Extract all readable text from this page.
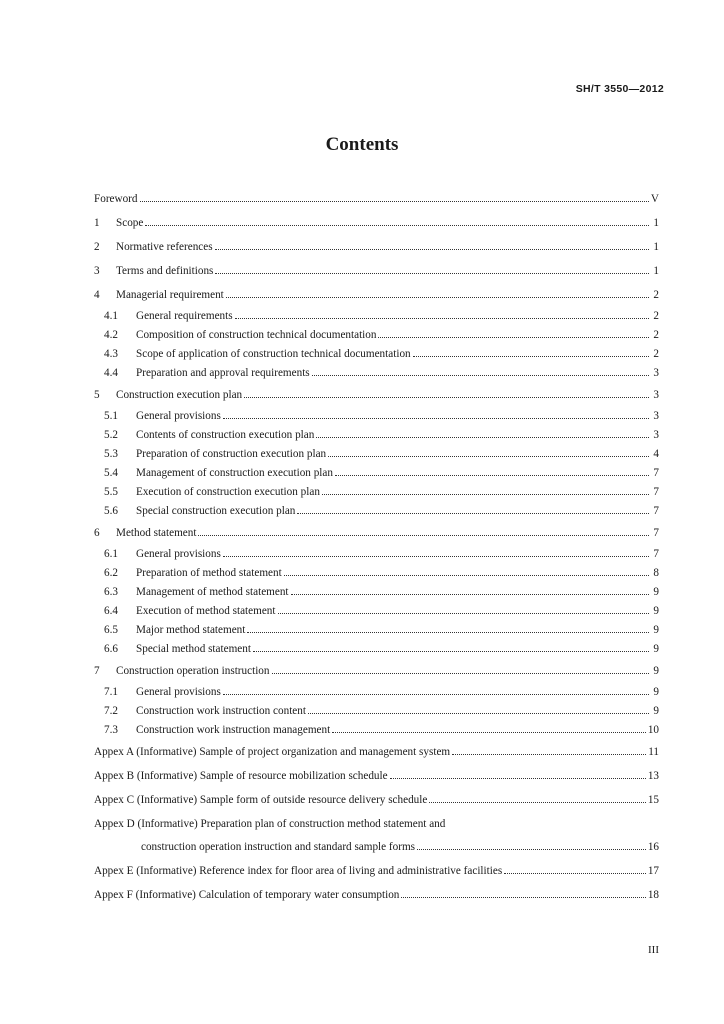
SH/T 3550—2012
Contents
Foreword	V
1	Scope	1
2	Normative references	1
3	Terms and definitions	1
4	Managerial requirement	2
4.1	General requirements	2
4.2	Composition of construction technical documentation	2
4.3	Scope of application of construction technical documentation	2
4.4	Preparation and approval requirements	3
5	Construction execution plan	3
5.1	General provisions	3
5.2	Contents of construction execution plan	3
5.3	Preparation of construction execution plan	4
5.4	Management of construction execution plan	7
5.5	Execution of construction execution plan	7
5.6	Special construction execution plan	7
6	Method statement	7
6.1	General provisions	7
6.2	Preparation of method statement	8
6.3	Management of method statement	9
6.4	Execution of method statement	9
6.5	Major method statement	9
6.6	Special method statement	9
7	Construction operation instruction	9
7.1	General provisions	9
7.2	Construction work instruction content	9
7.3	Construction work instruction management	10
Appex A (Informative) Sample of project organization and management system	11
Appex B (Informative) Sample of resource mobilization schedule	13
Appex C (Informative) Sample form of outside resource delivery schedule	15
Appex D (Informative) Preparation plan of construction method statement and
construction operation instruction and standard sample forms	16
Appex E (Informative) Reference index for floor area of living and administrative facilities	17
Appex F (Informative) Calculation of temporary water consumption	18
III
